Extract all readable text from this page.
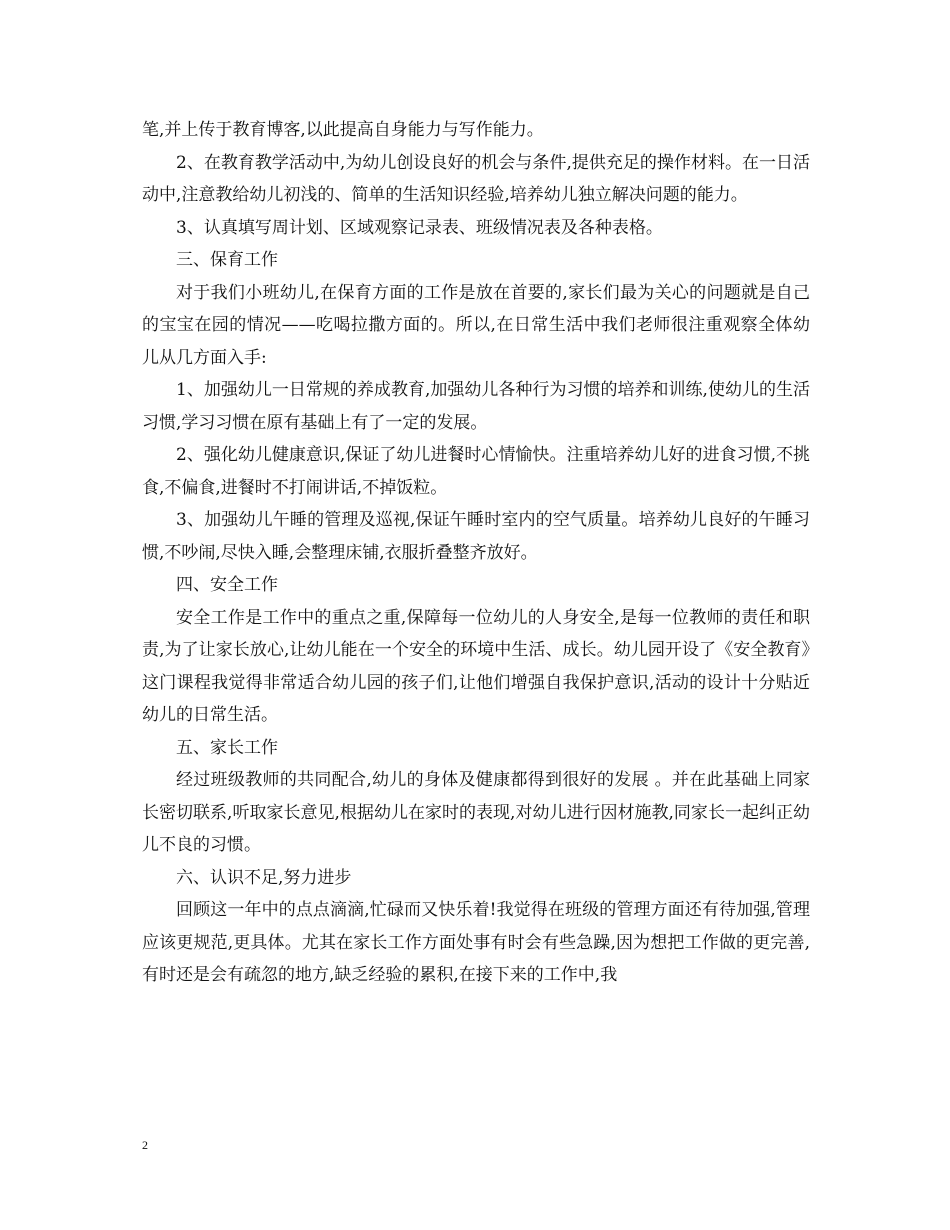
笔,并上传于教育博客,以此提高自身能力与写作能力。

2、在教育教学活动中,为幼儿创设良好的机会与条件,提供充足的操作材料。在一日活动中,注意教给幼儿初浅的、简单的生活知识经验,培养幼儿独立解决问题的能力。

3、认真填写周计划、区域观察记录表、班级情况表及各种表格。

三、保育工作

对于我们小班幼儿,在保育方面的工作是放在首要的,家长们最为关心的问题就是自己的宝宝在园的情况——吃喝拉撒方面的。所以,在日常生活中我们老师很注重观察全体幼儿从几方面入手:

1、加强幼儿一日常规的养成教育,加强幼儿各种行为习惯的培养和训练,使幼儿的生活习惯,学习习惯在原有基础上有了一定的发展。

2、强化幼儿健康意识,保证了幼儿进餐时心情愉快。注重培养幼儿好的进食习惯,不挑食,不偏食,进餐时不打闹讲话,不掉饭粒。

3、加强幼儿午睡的管理及巡视,保证午睡时室内的空气质量。培养幼儿良好的午睡习惯,不吵闹,尽快入睡,会整理床铺,衣服折叠整齐放好。

四、安全工作

安全工作是工作中的重点之重,保障每一位幼儿的人身安全,是每一位教师的责任和职责,为了让家长放心,让幼儿能在一个安全的环境中生活、成长。幼儿园开设了《安全教育》这门课程我觉得非常适合幼儿园的孩子们,让他们增强自我保护意识,活动的设计十分贴近幼儿的日常生活。

五、家长工作

经过班级教师的共同配合,幼儿的身体及健康都得到很好的发展 。并在此基础上同家长密切联系,听取家长意见,根据幼儿在家时的表现,对幼儿进行因材施教,同家长一起纠正幼儿不良的习惯。

六、认识不足,努力进步

回顾这一年中的点点滴滴,忙碌而又快乐着!我觉得在班级的管理方面还有待加强,管理应该更规范,更具体。尤其在家长工作方面处事有时会有些急躁,因为想把工作做的更完善,有时还是会有疏忽的地方,缺乏经验的累积,在接下来的工作中,我

2
